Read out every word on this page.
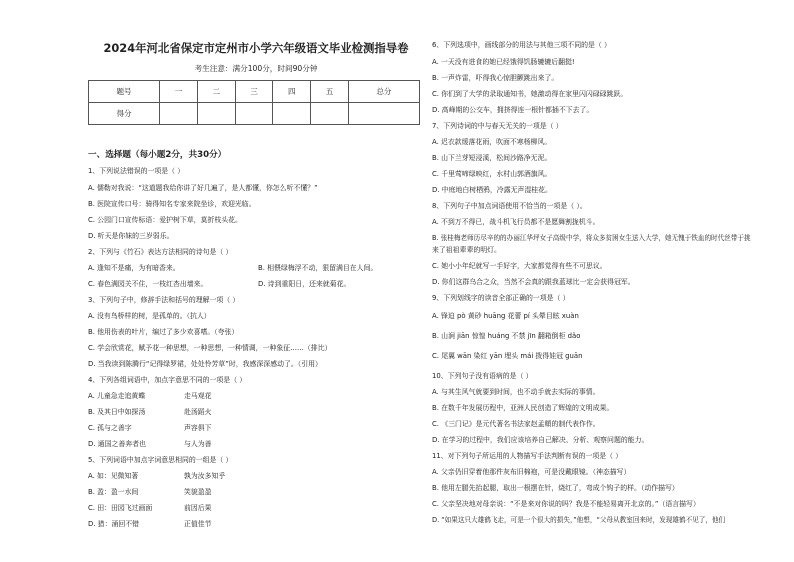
2024年河北省保定市定州市小学六年级语文毕业检测指导卷
考生注意：满分100分，时间90分钟
题号	一	二	三	四	五	总分
得分						
一、选择题（每小题2分，共30分）
1、下列说法错误的一项是（ ）
A. 儒勒对我说：“这道题我给你讲了好几遍了，是人都懂，你怎么听不懂？”
B. 医院宣传口号：骑得知名专家来院坐诊，欢迎光临。
C. 公园门口宣传标语：爱护树下草，莫折枝头花。
D. 听天是你妹的三岁弱乐。
2、下列与《竹石》表达方法相同的诗句是（ ）
A. 逢知不是痛，为有暗香来。	B. 相偎绿梅浮不动，狠留满目在人间。
C. 春色满园关不住，一枝红杏出墙来。	D. 诗到重阳日，还来就菊花。
3、下列句子中，修辞手法和括号的理解一项（ ）
A. 没有鸟桥样的树，是孤单的。（抗人）
B. 他用伤表的叶片，编过了多少欢喜嗜。（夸张）
C. 学会欣赏花，赋予花一种思想，一种思想，一种情调，一种象征……（排比）
D. 当我读到陈腾行“记得绿罗裙，处处怜芳草”时，我感深深感动了。（引用）
4、下列各组词语中，加点字意思不同的一项是（ ）
A. 儿童急走追黄蝶	走马观花
B. 及其日中如探汤	赴汤蹈火
C. 孤与之善字	声容俱下
D. 通国之善奔者也	与人为善
5、下列词语中加点字词意思相同的一组是（ ）
A. 如：见微知著	孰为汝多知乎
B. 盈：盈一水间	笑貌盈盈
C. 田：田园飞过画面	前因后果
D. 猎：涌回不错	正值佳节
6、下列选项中，画线部分的用法与其他三项不同的是（ ）
A. 一天没有进食的她已经饿得饥肠辘辘后翻挺!
B. 一声炸雷，吓得我心惊胆颤跳出来了。
C. 你们到了大学的录取通知书，她激动得在家里闪闪碌碌跳跃。
D. 高峰期的公交车，拥挤得连一根针都插不下去了。
7、下列诗词的中与春天无关的一项是（ ）
A. 迟衣款缓落花雨，吹面不寒杨柳风。
B. 山下兰芽短浸溪，松间沙路净无泥。
C. 千里莺啼绿映红，水村山郭酒旗风。
D. 中庭地白树栖鸦，冷露无声湿桂花。
8、下列句子中加点词语使用不恰当的一项是（ ）。
A. 不到万不得已，战斗机飞行员都不是愿舞割拢机斗。
B. 张桂梅老师历尽辛的的办丽江华坪女子高级中学，将众多贫困女生送入大学，她无愧于铁血的时代丝带于挑
来了祖祖辈辈的明灯。
C. 她小小年纪就写一手好字，大家都觉得有些不可思议。
D. 你们这群乌合之众，当然不会真的跟我蓝球比一定会获得冠军。
9、下列划线字的读音全部正确的一项是（ ）
A. 锋迫 pò 黄砂 huāng 花蕾 pí 头晕目眩 xuàn
B. 山涧 jiān 惊惶 huáng 不禁 jīn 翻箱倒柜 dǎo
C. 尾翼 wān 染红 yān 埋头 mái 拨得娃冠 guān
10、下列句子没有语病的是（ ）
A. 与其生风气就要到时间，也不动手就去实际的事情。
B. 在数千年发展历程中，亚洲人民创造了辉煌的文明成果。
C. 《三门记》是元代著名书法家赵孟頫的制代表作作。
D. 在学习的过程中，我们应该培养自己解决、分析、观察问题的能力。
11、对下列句子所运用的人物描写手法判断有误的一项是（ ）
A. 父亲仍旧穿着他那件灰布旧棉袍，可是没戴眼镜。（神态描写）
B. 他用左腿先抬起腿，取出一根摆在针，烧红了，弯成个钩子的样。（动作描写）
C. 父亲坚决地对母亲说：“不是来对你说的吗？我是不能轻易离开北京的。”（语言描写）
D. “如果这只大雄鹤飞走，可是一个很大的损失，”他想，“父母从教室回来时，发现雄鹤不见了，他们
